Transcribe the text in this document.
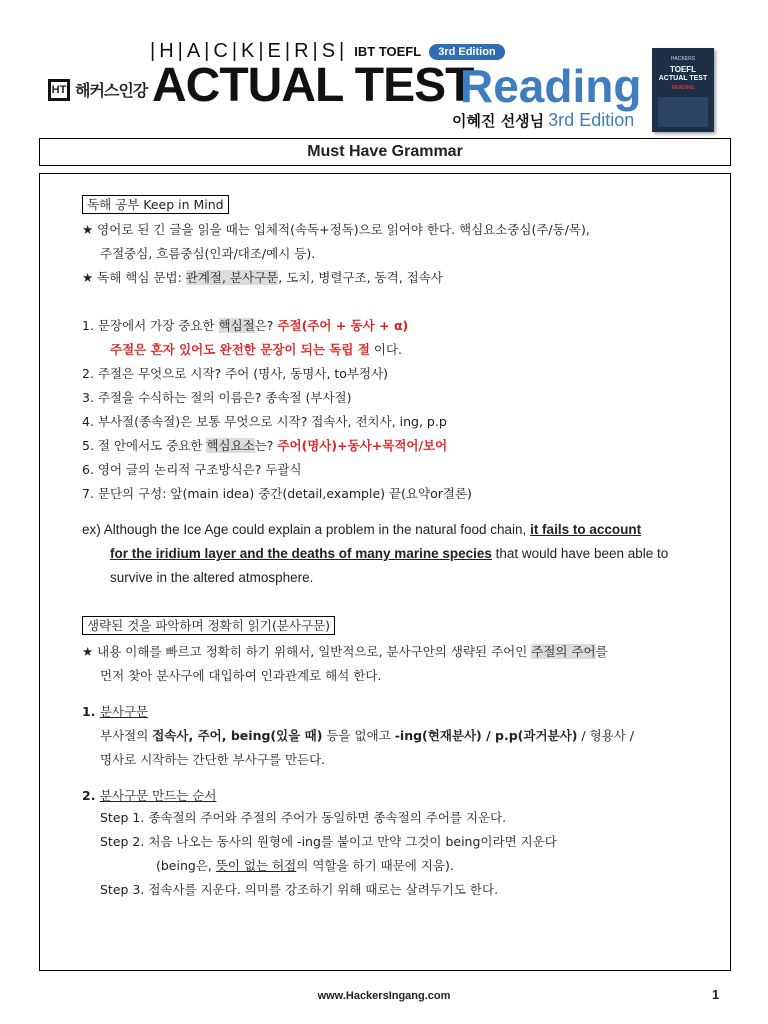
|H|A|C|K|E|R|S| IBT TOEFL	3rd Edition
HT 해커스인강 ACTUAL TEST
Reading
이혜진 선생님 3rd Edition
HACKERS
TOEFL
ACTUAL TEST
READING
Must Have Grammar
독해 공부 Keep in Mind
★ 영어로 된 긴 글을 읽을 때는 입체적(속독+정독)으로 읽어야 한다. 핵심요소중심(주/동/목),
주절중심, 흐름중심(인과/대조/예시 등).
★ 독해 핵심 문법: 관계절, 분사구문, 도치, 병렬구조, 동격, 접속사
1. 문장에서 가장 중요한 핵심절은? 주절(주어 + 동사 + α)
주절은 혼자 있어도 완전한 문장이 되는 독립 절 이다.
2. 주절은 무엇으로 시작? 주어 (명사, 동명사, to부정사)
3. 주절을 수식하는 절의 이름은? 종속절 (부사절)
4. 부사절(종속절)은 보통 무엇으로 시작? 접속사, 전치사, ing, p.p
5. 절 안에서도 중요한 핵심요소는? 주어(명사)+동사+목적어/보어
6. 영어 글의 논리적 구조방식은? 두괄식
7. 문단의 구성: 앞(main idea) 중간(detail,example) 끝(요약or결론)
ex) Although the Ice Age could explain a problem in the natural food chain, it fails to account
for the iridium layer and the deaths of many marine species that would have been able to
survive in the altered atmosphere.
생략된 것을 파악하며 정확히 읽기(분사구문)
★ 내용 이해를 빠르고 정확히 하기 위해서, 일반적으로, 분사구안의 생략된 주어인 주절의 주어를
먼저 찾아 분사구에 대입하여 인과관계로 해석 한다.
1. 분사구문
부사절의 접속사, 주어, being(있을 때) 등을 없애고 -ing(현재분사) / p.p(과거분사) / 형용사 /
명사로 시작하는 간단한 부사구를 만든다.
2. 분사구문 만드는 순서
Step 1. 종속절의 주어와 주절의 주어가 동일하면 종속절의 주어를 지운다.
Step 2. 처음 나오는 동사의 원형에 -ing를 붙이고 만약 그것이 being이라면 지운다
(being은, 뜻이 없는 허접의 역할을 하기 때문에 지움).
Step 3. 접속사를 지운다. 의미를 강조하기 위해 때로는 살려두기도 한다.
www.HackersIngang.com	1
